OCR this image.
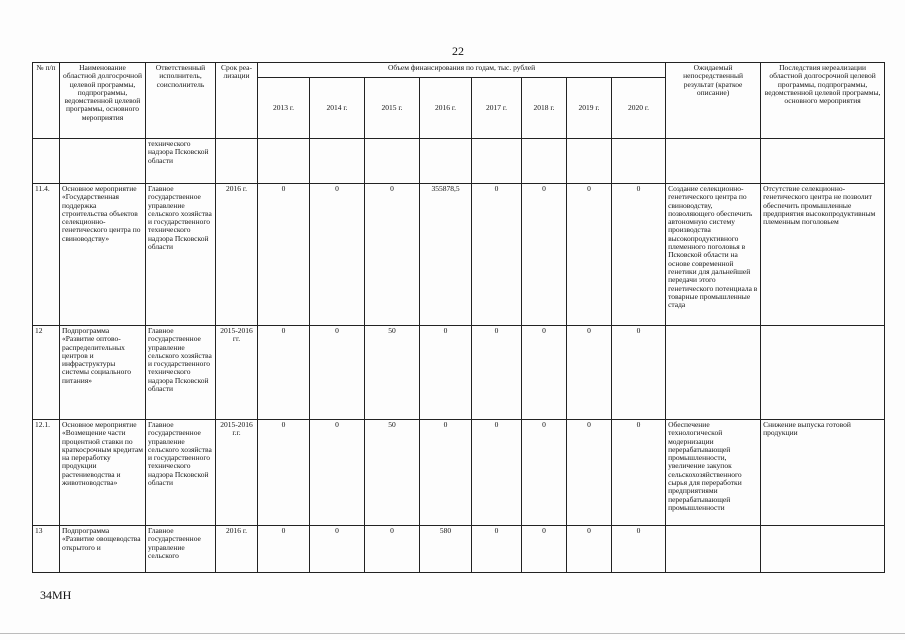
22
№ п/п	Наименование областной долгосрочной целевой программы, подпрограммы, ведомственной целевой программы, основного мероприятия	Ответственный исполнитель, соисполнитель	Срок реа- лизации	Объем финансирования по годам, тыс. рублей								Ожидаемый непосредственный результат (краткое описание)	Последствия нереализации областной долгосрочной целевой программы, подпрограммы, ведомственной целевой программы, основного мероприятия
				2013 г.	2014 г.	2015 г.	2016 г.	2017 г.	2018 г.	2019 г.	2020 г.		
		технического надзора Псковской области											
11.4.	Основное мероприятие «Государственная поддержка строительства объектов селекционно-генетического центра по свиноводству»	Главное государственное управление сельского хозяйства и государственного технического надзора Псковской области	2016 г.	0	0	0	355878,5	0	0	0	0	Создание селекционно-генетического центра по свиноводству, позволяющего обеспечить автономную систему производства высокопродуктивного племенного поголовья в Псковской области на основе современной генетики для дальнейшей передачи этого генетического потенциала в товарные промышленные стада	Отсутствие селекционно-генетического центра не позволит обеспечить промышленные предприятия высокопродуктивным племенным поголовьем
12	Подпрограмма «Развитие оптово-распределительных центров и инфраструктуры системы социального питания»	Главное государственное управление сельского хозяйства и государственного технического надзора Псковской области	2015-2016 гг.	0	0	50	0	0	0	0	0		
12.1.	Основное мероприятие «Возмещение части процентной ставки по краткосрочным кредитам на переработку продукции растениеводства и животноводства»	Главное государственное управление сельского хозяйства и государственного технического надзора Псковской области	2015-2016 г.г.	0	0	50	0	0	0	0	0	Обеспечение технологической модернизации перерабатывающей промышленности, увеличение закупок сельскохозяйственного сырья для переработки предприятиями перерабатывающей промышленности	Снижение выпуска готовой продукции
13	Подпрограмма «Развитие овощеводства открытого и	Главное государственное управление сельского	2016 г.	0	0	0	580	0	0	0	0		
34МН
